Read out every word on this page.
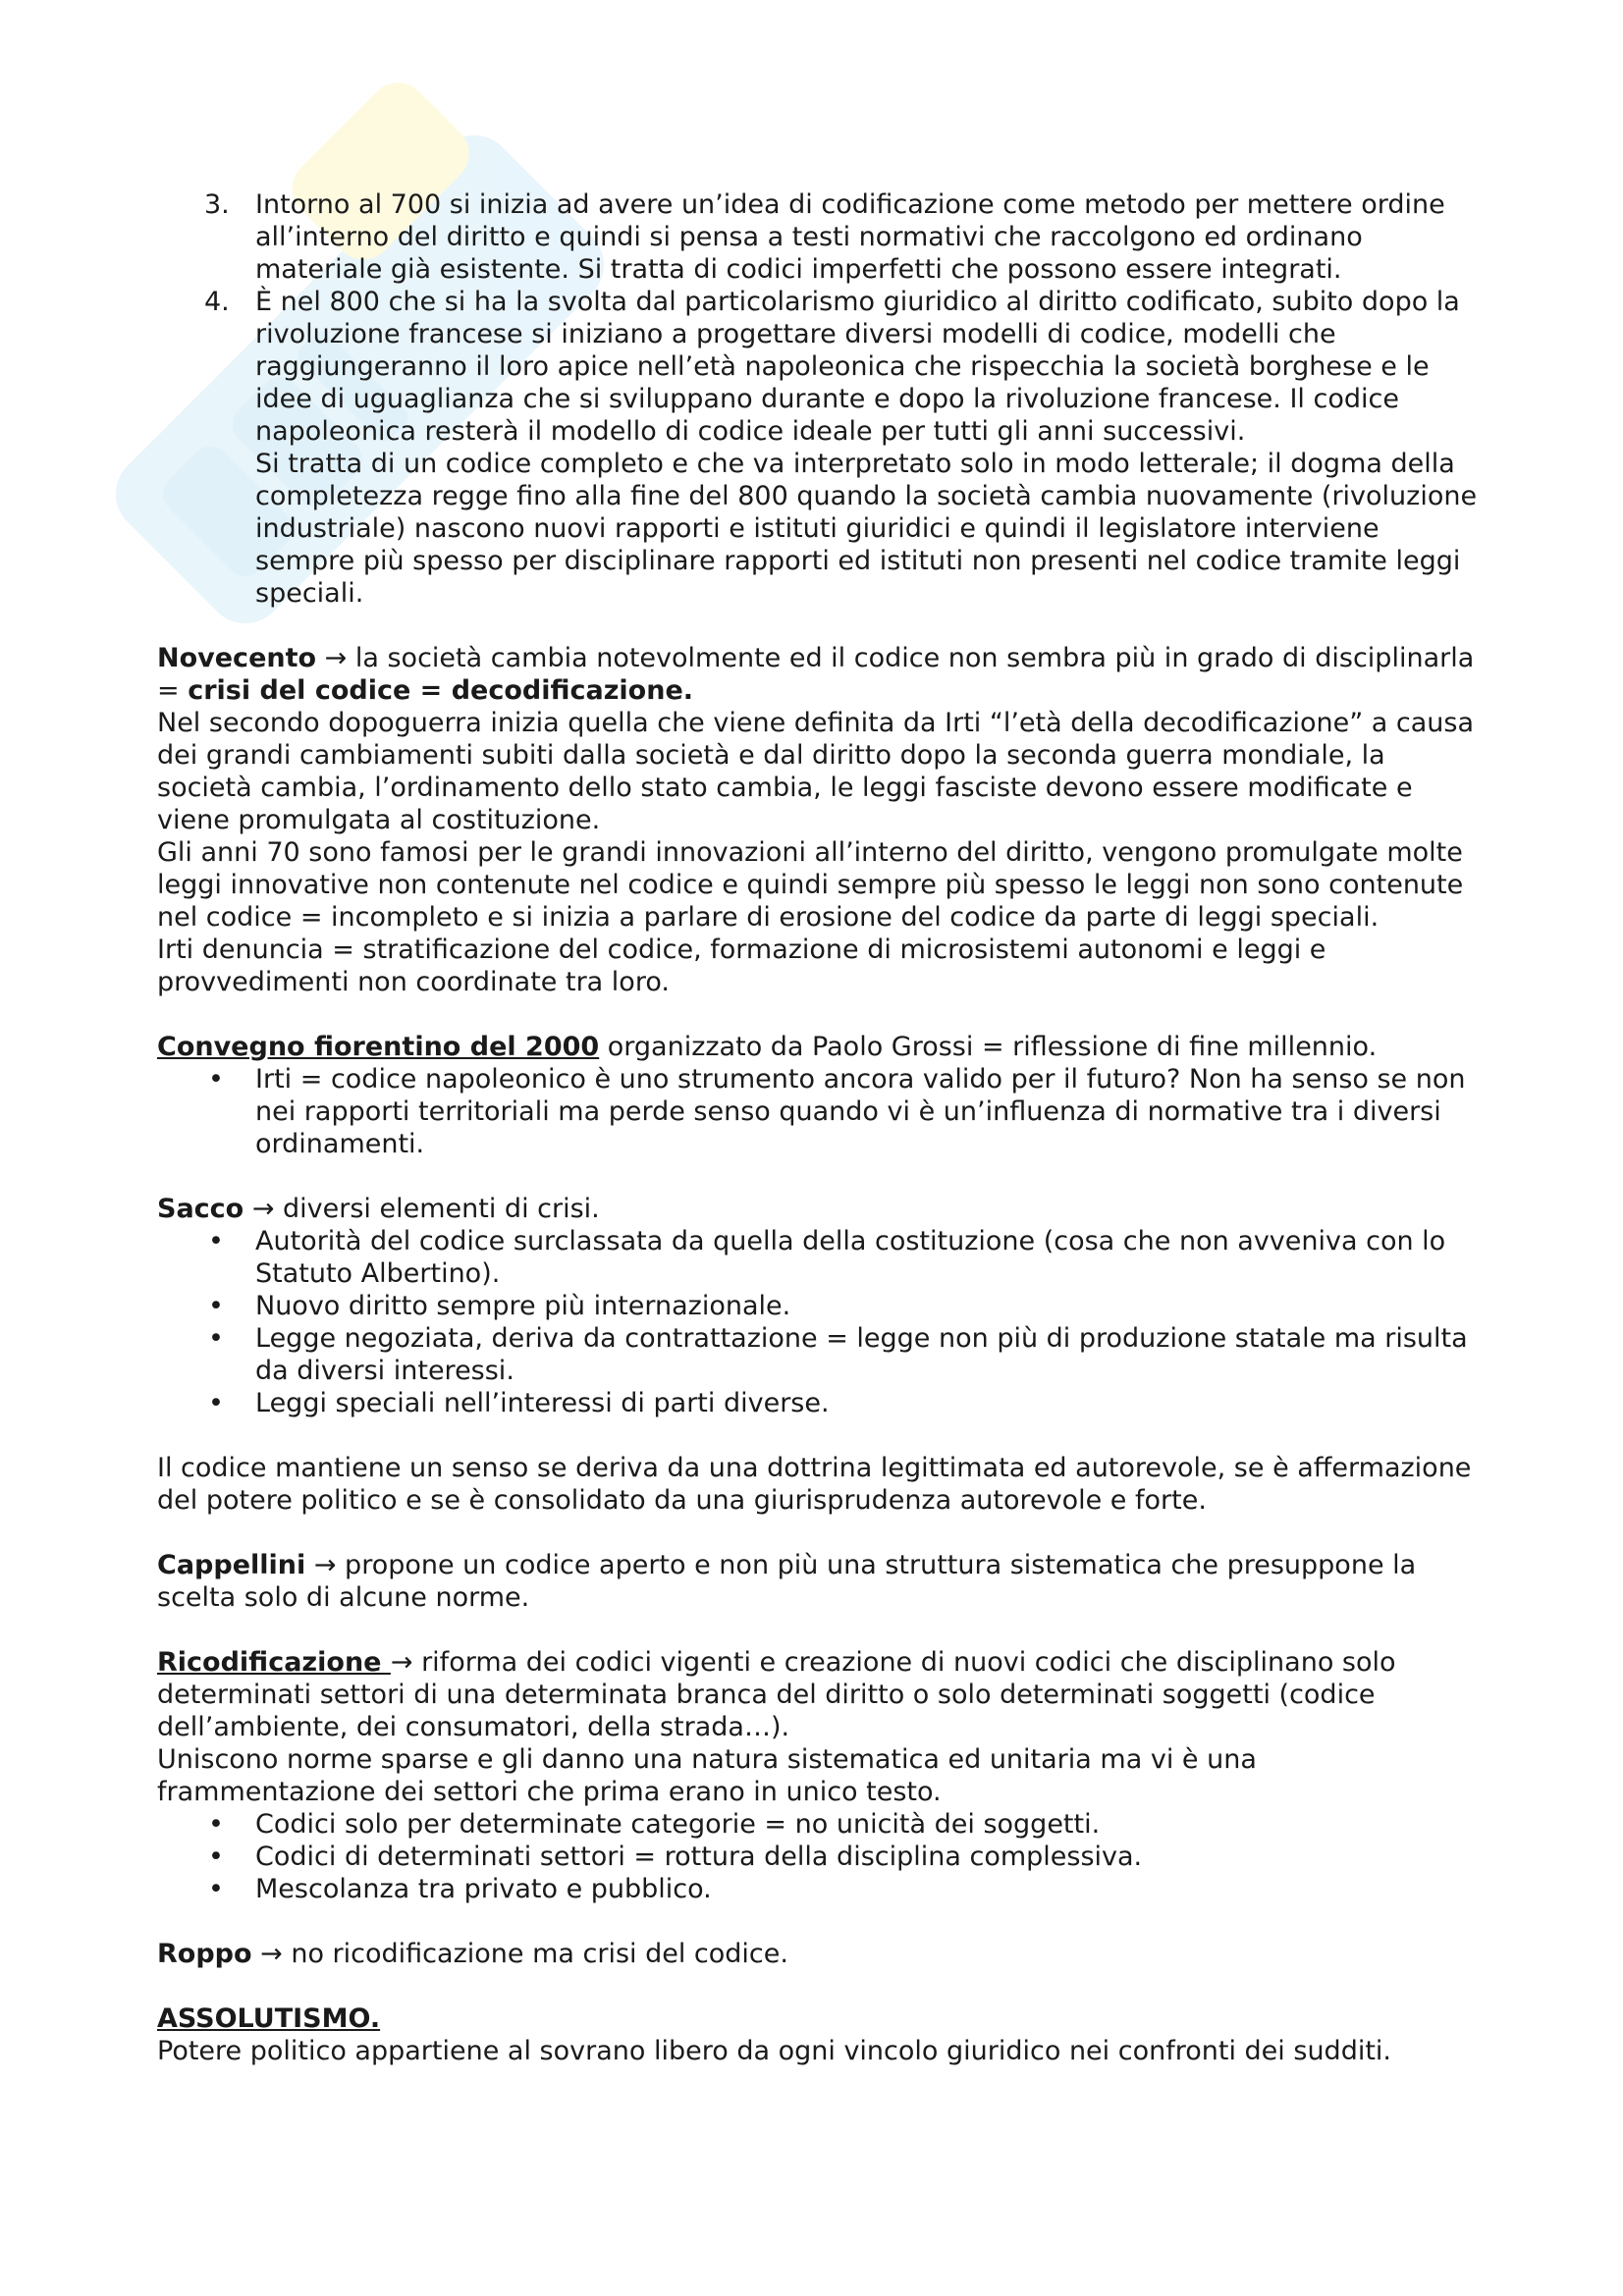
3. Intorno al 700 si inizia ad avere un’idea di codificazione come metodo per mettere ordine all’interno del diritto e quindi si pensa a testi normativi che raccolgono ed ordinano materiale già esistente. Si tratta di codici imperfetti che possono essere integrati.
4. È nel 800 che si ha la svolta dal particolarismo giuridico al diritto codificato, subito dopo la rivoluzione francese si iniziano a progettare diversi modelli di codice, modelli che raggiungeranno il loro apice nell’età napoleonica che rispecchia la società borghese e le idee di uguaglianza che si sviluppano durante e dopo la rivoluzione francese. Il codice napoleonica resterà il modello di codice ideale per tutti gli anni successivi.
Si tratta di un codice completo e che va interpretato solo in modo letterale; il dogma della completezza regge fino alla fine del 800 quando la società cambia nuovamente (rivoluzione industriale) nascono nuovi rapporti e istituti giuridici e quindi il legislatore interviene sempre più spesso per disciplinare rapporti ed istituti non presenti nel codice tramite leggi speciali.

Novecento → la società cambia notevolmente ed il codice non sembra più in grado di disciplinarla = crisi del codice = decodificazione.

Nel secondo dopoguerra inizia quella che viene definita da Irti “l’età della decodificazione” a causa dei grandi cambiamenti subiti dalla società e dal diritto dopo la seconda guerra mondiale, la società cambia, l’ordinamento dello stato cambia, le leggi fasciste devono essere modificate e viene promulgata al costituzione.

Gli anni 70 sono famosi per le grandi innovazioni all’interno del diritto, vengono promulgate molte leggi innovative non contenute nel codice e quindi sempre più spesso le leggi non sono contenute nel codice = incompleto e si inizia a parlare di erosione del codice da parte di leggi speciali.

Irti denuncia = stratificazione del codice, formazione di microsistemi autonomi e leggi e provvedimenti non coordinate tra loro.

Convegno fiorentino del 2000 organizzato da Paolo Grossi = riflessione di fine millennio.

• Irti = codice napoleonico è uno strumento ancora valido per il futuro? Non ha senso se non nei rapporti territoriali ma perde senso quando vi è un’influenza di normative tra i diversi ordinamenti.

Sacco → diversi elementi di crisi.

• Autorità del codice surclassata da quella della costituzione (cosa che non avveniva con lo Statuto Albertino).
• Nuovo diritto sempre più internazionale.
• Legge negoziata, deriva da contrattazione = legge non più di produzione statale ma risulta da diversi interessi.
• Leggi speciali nell’interessi di parti diverse.

Il codice mantiene un senso se deriva da una dottrina legittimata ed autorevole, se è affermazione del potere politico e se è consolidato da una giurisprudenza autorevole e forte.

Cappellini → propone un codice aperto e non più una struttura sistematica che presuppone la scelta solo di alcune norme.

Ricodificazione → riforma dei codici vigenti e creazione di nuovi codici che disciplinano solo determinati settori di una determinata branca del diritto o solo determinati soggetti (codice dell’ambiente, dei consumatori, della strada…).

Uniscono norme sparse e gli danno una natura sistematica ed unitaria ma vi è una frammentazione dei settori che prima erano in unico testo.

• Codici solo per determinate categorie = no unicità dei soggetti.
• Codici di determinati settori = rottura della disciplina complessiva.
• Mescolanza tra privato e pubblico.

Roppo → no ricodificazione ma crisi del codice.

ASSOLUTISMO.

Potere politico appartiene al sovrano libero da ogni vincolo giuridico nei confronti dei sudditi.
